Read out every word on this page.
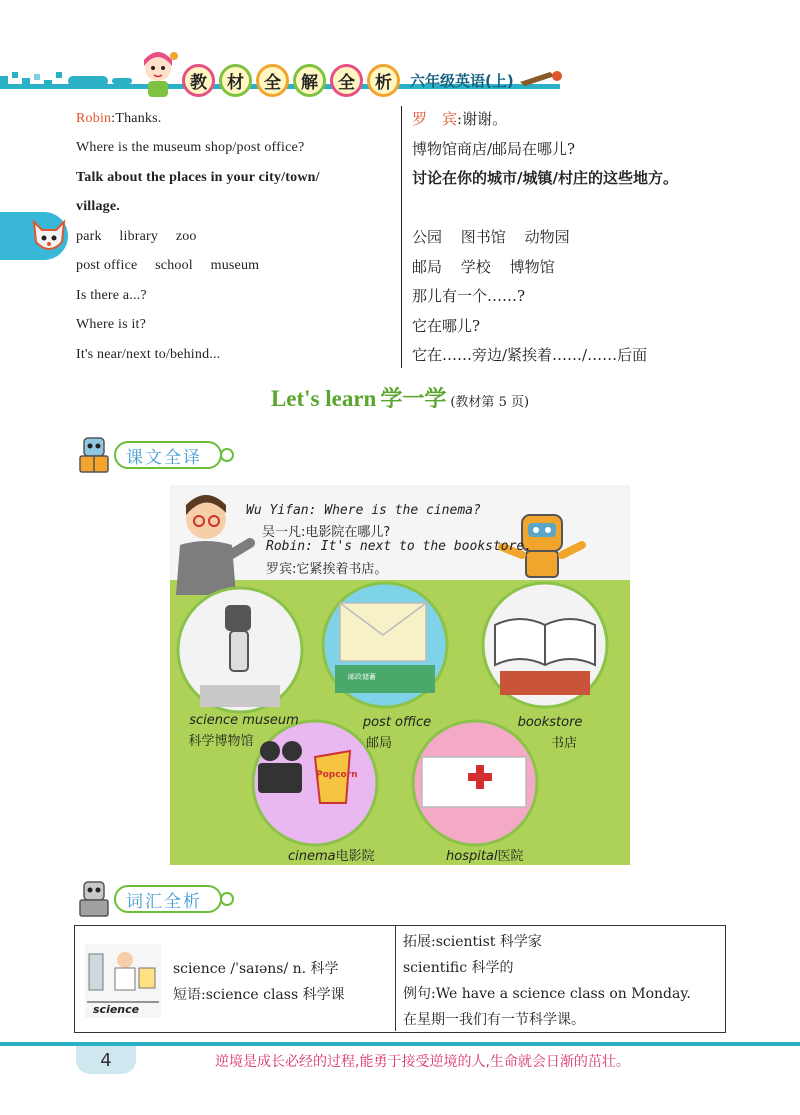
教	材	全	解	全	析	六年级英语(上)
Robin:Thanks.	罗　宾:谢谢。
Where is the museum shop/post office?	博物馆商店/邮局在哪儿?
Talk about the places in your city/town/	讨论在你的城市/城镇/村庄的这些地方。
village.
park library zoo	公园 图书馆 动物园
post office school museum	邮局 学校 博物馆
Is there a...?	那儿有一个……?
Where is it?	它在哪儿?
It's near/next to/behind...	它在……旁边/紧挨着……/……后面
Let's learn 学一学 (教材第 5 页)
课文全译
邮政储蓄
Popcorn
Wu Yifan: Where is the cinema?
吴一凡:电影院在哪儿?
Robin: It's next to the bookstore.
罗宾:它紧挨着书店。
science museum
科学博物馆
post office
邮局
bookstore
书店
cinema电影院	hospital医院
词汇全析
science
science /ˈsaɪəns/ n. 科学
短语:science class 科学课
拓展:scientist 科学家
scientific 科学的
例句:We have a science class on Monday.
在星期一我们有一节科学课。
4	逆境是成长必经的过程,能勇于接受逆境的人,生命就会日渐的茁壮。
